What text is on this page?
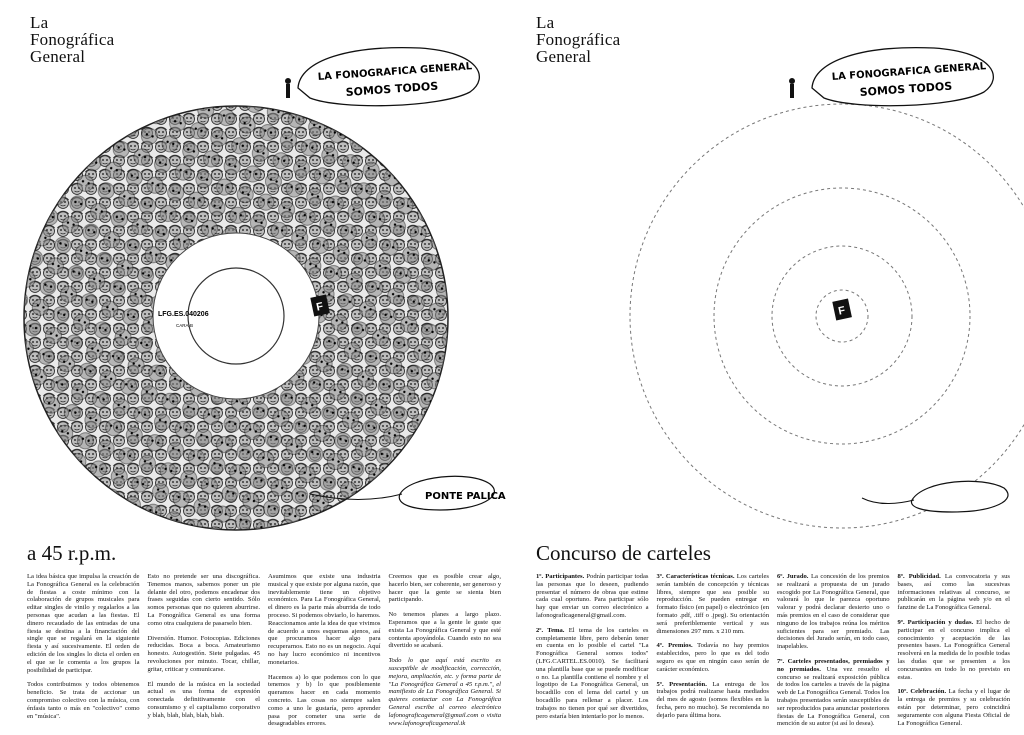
La
Fonográfica
General
LFG.ES.040206
CARA-B
F
LA FONOGRAFICA GENERAL
SOMOS TODOS
PONTE PALICA
a 45 r.p.m.

La idea básica que impulsa la creación de La Fonográfica General es la celebración de fiestas a coste mínimo con la colaboración de grupos musicales para editar singles de vinilo y regalarlos a las personas que acudan a las fiestas. El dinero recaudado de las entradas de una fiesta se destina a la financiación del single que se regalará en la siguiente fiesta y así sucesivamente. El orden de edición de los singles lo dicta el orden en el que se le comenta a los grupos la posibilidad de participar.

Todos contribuimos y todos obtenemos beneficio. Se trata de accionar un compromiso colectivo con la música, con énfasis tanto o más en "colectivo" como en "música".

Esto no pretende ser una discográfica. Tenemos manos, sabemos poner un pie delante del otro, podemos encadenar dos frases seguidas con cierto sentido. Sólo somos personas que no quieren aburrirse. La Fonográfica General es una forma como otra cualquiera de pasarselo bien.

Diversión. Humor. Fotocopias. Ediciones reducidas. Boca a boca. Amateurismo honesto. Autogestión. Siete pulgadas. 45 revoluciones por minuto. Tocar, chillar, gritar, criticar y comunicarse.

El mundo de la música en la sociedad actual es una forma de expresión conectada definitivamente con el consumismo y el capitalismo corporativo y blah, blah, blah, blah, blah.

Asumimos que existe una industria musical y que existe por alguna razón, que inevitablemente tiene un objetivo económico. Para La Fonográfica General, el dinero es la parte más aburrida de todo proceso. Si podemos obviarlo, lo haremos. Reaccionamos ante la idea de que vivimos de acuerdo a unos esquemas ajenos, así que procuramos hacer algo para recuperarnos. Esto no es un negocio. Aquí no hay lucro económico ni incentivos monetarios.

Hacemos a) lo que podemos con lo que tenemos y b) lo que posiblemente queramos hacer en cada momento concreto. Las cosas no siempre salen como a uno le gustaría, pero aprender pasa por cometer una serie de desagradables errores.

Creemos que es posible crear algo, hacerlo bien, ser coherente, ser generoso y hacer que la gente se sienta bien participando.

No tenemos planes a largo plazo. Esperamos que a la gente le guste que exista La Fonográfica General y que esté contenta apoyándola. Cuando esto no sea divertido se acabará.

Todo lo que aquí está escrito es susceptible de modificación, corrección, mejora, ampliación, etc. y forma parte de "La Fonográfica General a 45 r.p.m.", el manifiesto de La Fonográfica General. Si quieres contactar con La Fonográfica General escribe al correo electrónico lafonograficageneral@gmail.com o visita www.lafonograficageneral.tk

La
Fonográfica
General
F
LA FONOGRAFICA GENERAL
SOMOS TODOS
Concurso de carteles

1º. Participantes. Podrán participar todas las personas que lo deseen, pudiendo presentar el número de obras que estime cada cual oportuno. Para participar sólo hay que enviar un correo electrónico a lafonograficageneral@gmail.com.

2º. Tema. El tema de los carteles es completamente libre, pero deberán tener en cuenta en lo posible el cartel "La Fonográfica General somos todos" (LFG.CARTEL.ES.0010). Se facilitará una plantilla base que se puede modificar o no. La plantilla contiene el nombre y el logotipo de La Fonográfica General, un bocadillo con el lema del cartel y un bocadillo para rellenar a placer. Los trabajos no tienen por qué ser divertidos, pero estaría bien intentarlo por lo menos.

3º. Características técnicas. Los carteles serán también de concepción y técnicas libres, siempre que sea posible su reproducción. Se pueden entregar en formato físico (en papel) o electrónico (en formato .pdf, .tiff o .jpeg). Su orientación será preferiblemente vertical y sus dimensiones 297 mm. x 210 mm.

4º. Premios. Todavía no hay premios establecidos, pero lo que es del todo seguro es que en ningún caso serán de carácter económico.

5º. Presentación. La entrega de los trabajos podrá realizarse hasta mediados del mes de agosto (somos flexibles en la fecha, pero no mucho). Se recomienda no dejarlo para última hora.

6º. Jurado. La concesión de los premios se realizará a propuesta de un jurado escogido por La Fonográfica General, que valorará lo que le parezca oportuno valorar y podrá declarar desierto uno o más premios en el caso de considerar que ninguno de los trabajos reúna los méritos suficientes para ser premiado. Las decisiones del Jurado serán, en todo caso, inapelables.

7º. Carteles presentados, premiados y no premiados. Una vez resuelto el concurso se realizará exposición pública de todos los carteles a través de la página web de La Fonográfica General. Todos los trabajos presentados serán susceptibles de ser reproducidos para anunciar posteriores fiestas de La Fonográfica General, con mención de su autor (si así lo desea).

8º. Publicidad. La convocatoria y sus bases, así como las sucesivas informaciones relativas al concurso, se publicarán en la página web y/o en el fanzine de La Fonográfica General.

9º. Participación y dudas. El hecho de participar en el concurso implica el conocimiento y aceptación de las presentes bases. La Fonográfica General resolverá en la medida de lo posible todas las dudas que se presenten a los concursantes en todo lo no previsto en estas.

10º. Celebración. La fecha y el lugar de la entrega de premios y su celebración están por determinar, pero coincidirá seguramente con alguna Fiesta Oficial de La Fonográfica General.
